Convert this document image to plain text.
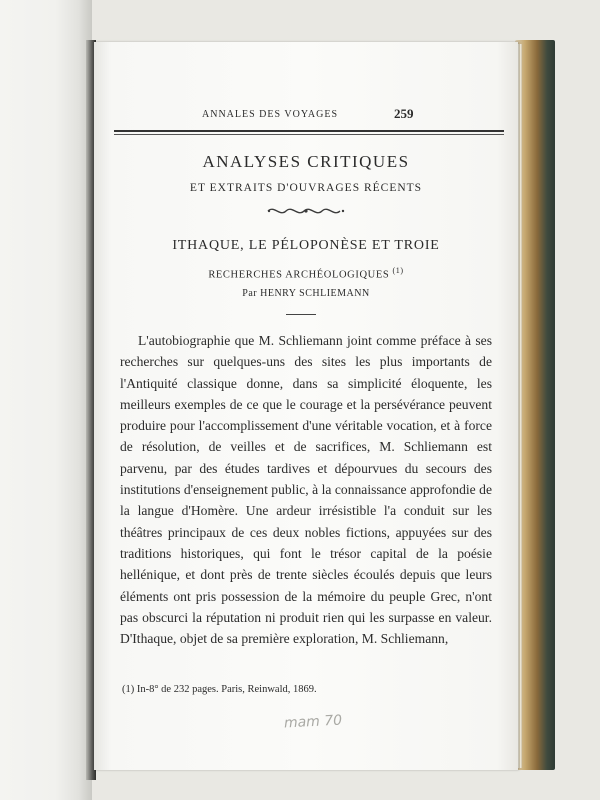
ANNALES DES VOYAGES	259
ANALYSES CRITIQUES
ET EXTRAITS D'OUVRAGES RÉCENTS
ITHAQUE, LE PÉLOPONÈSE ET TROIE
RECHERCHES ARCHÉOLOGIQUES $^{(1)}$
Par HENRY SCHLIEMANN

L'autobiographie que M. Schliemann joint comme préface à ses recherches sur quelques-uns des sites les plus importants de l'Antiquité classique donne, dans sa simplicité éloquente, les meilleurs exemples de ce que le courage et la persévérance peuvent produire pour l'accomplissement d'une véritable vocation, et à force de résolution, de veilles et de sacrifices, M. Schliemann est parvenu, par des études tardives et dépourvues du secours des institutions d'enseignement public, à la connaissance approfondie de la langue d'Homère. Une ardeur irrésistible l'a conduit sur les théâtres principaux de ces deux nobles fictions, appuyées sur des traditions historiques, qui font le trésor capital de la poésie hellénique, et dont près de trente siècles écoulés depuis que leurs éléments ont pris possession de la mémoire du peuple Grec, n'ont pas obscurci la réputation ni produit rien qui les surpasse en valeur. D'Ithaque, objet de sa première exploration, M. Schliemann,

(1) In-8° de 232 pages. Paris, Reinwald, 1869.
mam 70
